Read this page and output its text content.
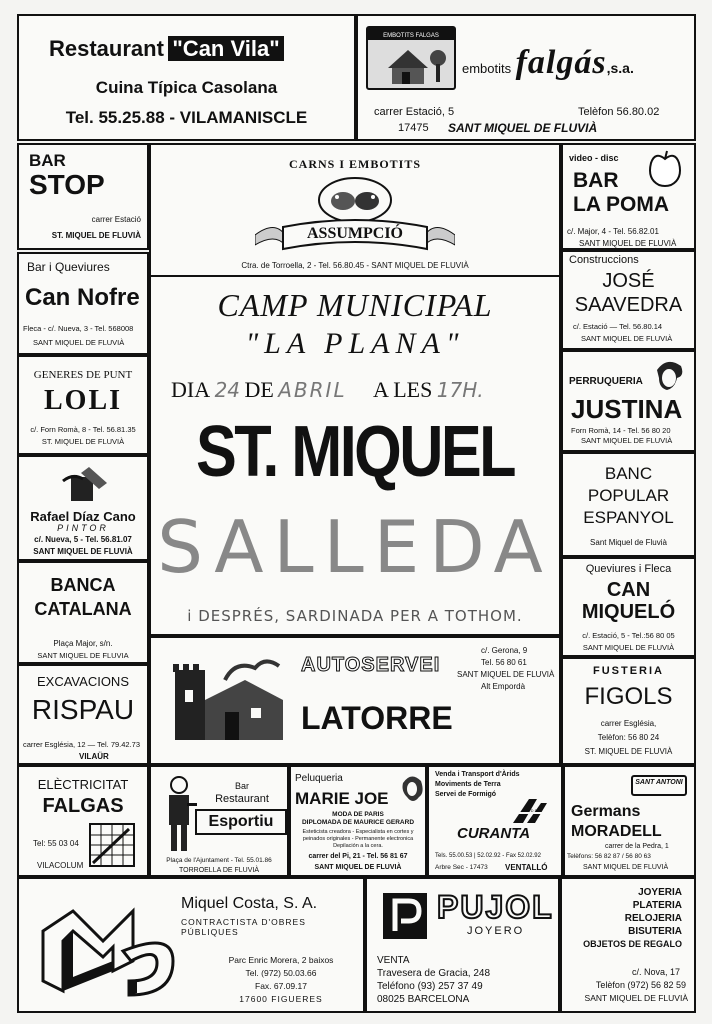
Restaurant "Can Vila"
Cuina Típica Casolana
Tel. 55.25.88 - VILAMANISCLE
EMBOTITS FALGAS
embotits falgás,s.a.
carrer Estació, 5	Telèfon 56.80.02
17475 SANT MIQUEL DE FLUVIÀ
BAR
STOP
carrer Estació
ST. MIQUEL DE FLUVIÀ
CARNS I EMBOTITS
ASSUMPCIÓ
Ctra. de Torroella, 2 - Tel. 56.80.45 - SANT MIQUEL DE FLUVIÀ
video - disc
BAR
LA POMA
c/. Major, 4 - Tel. 56.82.01
SANT MIQUEL DE FLUVIÀ
Bar i Queviures
Can Nofre
Fleca - c/. Nueva, 3 - Tel. 568008
SANT MIQUEL DE FLUVIÀ
GENERES DE PUNT
LOLI
c/. Forn Romà, 8 - Tel. 56.81.35
ST. MIQUEL DE FLUVIÀ
Rafael Díaz Cano
PINTOR
c/. Nueva, 5 - Tel. 56.81.07
SANT MIQUEL DE FLUVIÀ
BANCA
CATALANA
Plaça Major, s/n.
SANT MIQUEL DE FLUVIA
EXCAVACIONS
RISPAU
carrer Església, 12 — Tel. 79.42.73
VILAÜR
CAMP MUNICIPAL
"LA PLANA"
DIA 24 DE ABRIL A LES 17H.
ST. MIQUEL
SALLEDA
i DESPRÉS, SARDINADA PER A TOTHOM.
Construccions
JOSÉ
SAAVEDRA
c/. Estació — Tel. 56.80.14
SANT MIQUEL DE FLUVIÀ
PERRUQUERIA
JUSTINA
Forn Romà, 14 - Tel. 56 80 20
SANT MIQUEL DE FLUVIÀ
BANC
POPULAR
ESPANYOL
Sant Miquel de Fluvià
Queviures i Fleca
CAN
MIQUELÓ
c/. Estació, 5 - Tel.:56 80 05
SANT MIQUEL DE FLUVIÀ
FUSTERIA
FIGOLS
carrer Església,
Telèfon: 56 80 24
ST. MIQUEL DE FLUVIÀ
AUTOSERVEI
LATORRE
c/. Gerona, 9
Tel. 56 80 61
SANT MIQUEL DE FLUVIÀ
Alt Empordà
ELÈCTRICITAT
FALGAS
Tel: 55 03 04
VILACOLUM
Bar
Restaurant
Esportiu
Plaça de l'Ajuntament - Tel. 55.01.86
TORROELLA DE FLUVIÀ
Peluqueria
MARIE JOE
MODA DE PARIS
DIPLOMADA DE MAURICE GERARD
Esteticista creadora - Especialista en cortes y
peinados originales - Permanente electronica
Depilación a la cera.
carrer del Pi, 21 - Tel. 56 81 67
SANT MIQUEL DE FLUVIÀ
Venda i Transport d'Àrids
Moviments de Terra
Servei de Formigó
ARIDS
CURANTA
Tels. 55.00.53 | 52.02.92 - Fax 52.02.92
Arbre Sec - 17473 VENTALLÓ
SANT ANTONI
Germans
MORADELL
carrer de la Pedra, 1
Telèfons: 56 82 87 / 56 80 63
SANT MIQUEL DE FLUVIÀ
Miquel Costa, S. A.
CONTRACTISTA D'OBRES PÚBLIQUES
Parc Enric Morera, 2 baixos
Tel. (972) 50.03.66
Fax. 67.09.17
17600 FIGUERES
PUJOL
JOYERO
VENTA
Travesera de Gracia, 248
Teléfono (93) 257 37 49
08025 BARCELONA
JOYERIA
PLATERIA
RELOJERIA
BISUTERIA
OBJETOS DE REGALO
c/. Nova, 17
Telèfon (972) 56 82 59
SANT MIQUEL DE FLUVIÀ
